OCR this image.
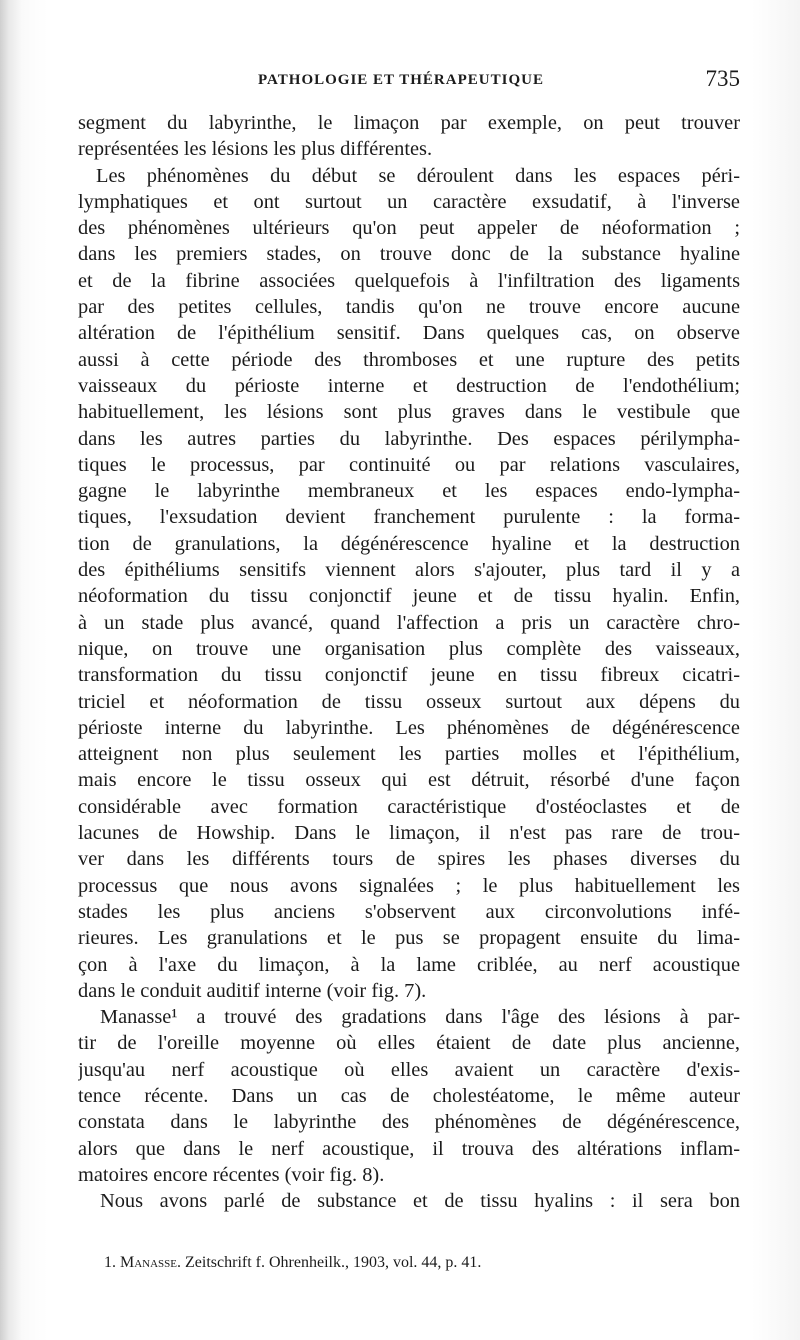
PATHOLOGIE ET THÉRAPEUTIQUE	735
segment du labyrinthe, le limaçon par exemple, on peut trouver
représentées les lésions les plus différentes.
Les phénomènes du début se déroulent dans les espaces péri-
lymphatiques et ont surtout un caractère exsudatif, à l'inverse
des phénomènes ultérieurs qu'on peut appeler de néoformation ;
dans les premiers stades, on trouve donc de la substance hyaline
et de la fibrine associées quelquefois à l'infiltration des ligaments
par des petites cellules, tandis qu'on ne trouve encore aucune
altération de l'épithélium sensitif. Dans quelques cas, on observe
aussi à cette période des thromboses et une rupture des petits
vaisseaux du périoste interne et destruction de l'endothélium;
habituellement, les lésions sont plus graves dans le vestibule que
dans les autres parties du labyrinthe. Des espaces périlympha-
tiques le processus, par continuité ou par relations vasculaires,
gagne le labyrinthe membraneux et les espaces endo-lympha-
tiques, l'exsudation devient franchement purulente : la forma-
tion de granulations, la dégénérescence hyaline et la destruction
des épithéliums sensitifs viennent alors s'ajouter, plus tard il y a
néoformation du tissu conjonctif jeune et de tissu hyalin. Enfin,
à un stade plus avancé, quand l'affection a pris un caractère chro-
nique, on trouve une organisation plus complète des vaisseaux,
transformation du tissu conjonctif jeune en tissu fibreux cicatri-
triciel et néoformation de tissu osseux surtout aux dépens du
périoste interne du labyrinthe. Les phénomènes de dégénérescence
atteignent non plus seulement les parties molles et l'épithélium,
mais encore le tissu osseux qui est détruit, résorbé d'une façon
considérable avec formation caractéristique d'ostéoclastes et de
lacunes de Howship. Dans le limaçon, il n'est pas rare de trou-
ver dans les différents tours de spires les phases diverses du
processus que nous avons signalées ; le plus habituellement les
stades les plus anciens s'observent aux circonvolutions infé-
rieures. Les granulations et le pus se propagent ensuite du lima-
çon à l'axe du limaçon, à la lame criblée, au nerf acoustique
dans le conduit auditif interne (voir fig. 7).
Manasse¹ a trouvé des gradations dans l'âge des lésions à par-
tir de l'oreille moyenne où elles étaient de date plus ancienne,
jusqu'au nerf acoustique où elles avaient un caractère d'exis-
tence récente. Dans un cas de cholestéatome, le même auteur
constata dans le labyrinthe des phénomènes de dégénérescence,
alors que dans le nerf acoustique, il trouva des altérations inflam-
matoires encore récentes (voir fig. 8).
Nous avons parlé de substance et de tissu hyalins : il sera bon
1. Manasse. Zeitschrift f. Ohrenheilk., 1903, vol. 44, p. 41.
